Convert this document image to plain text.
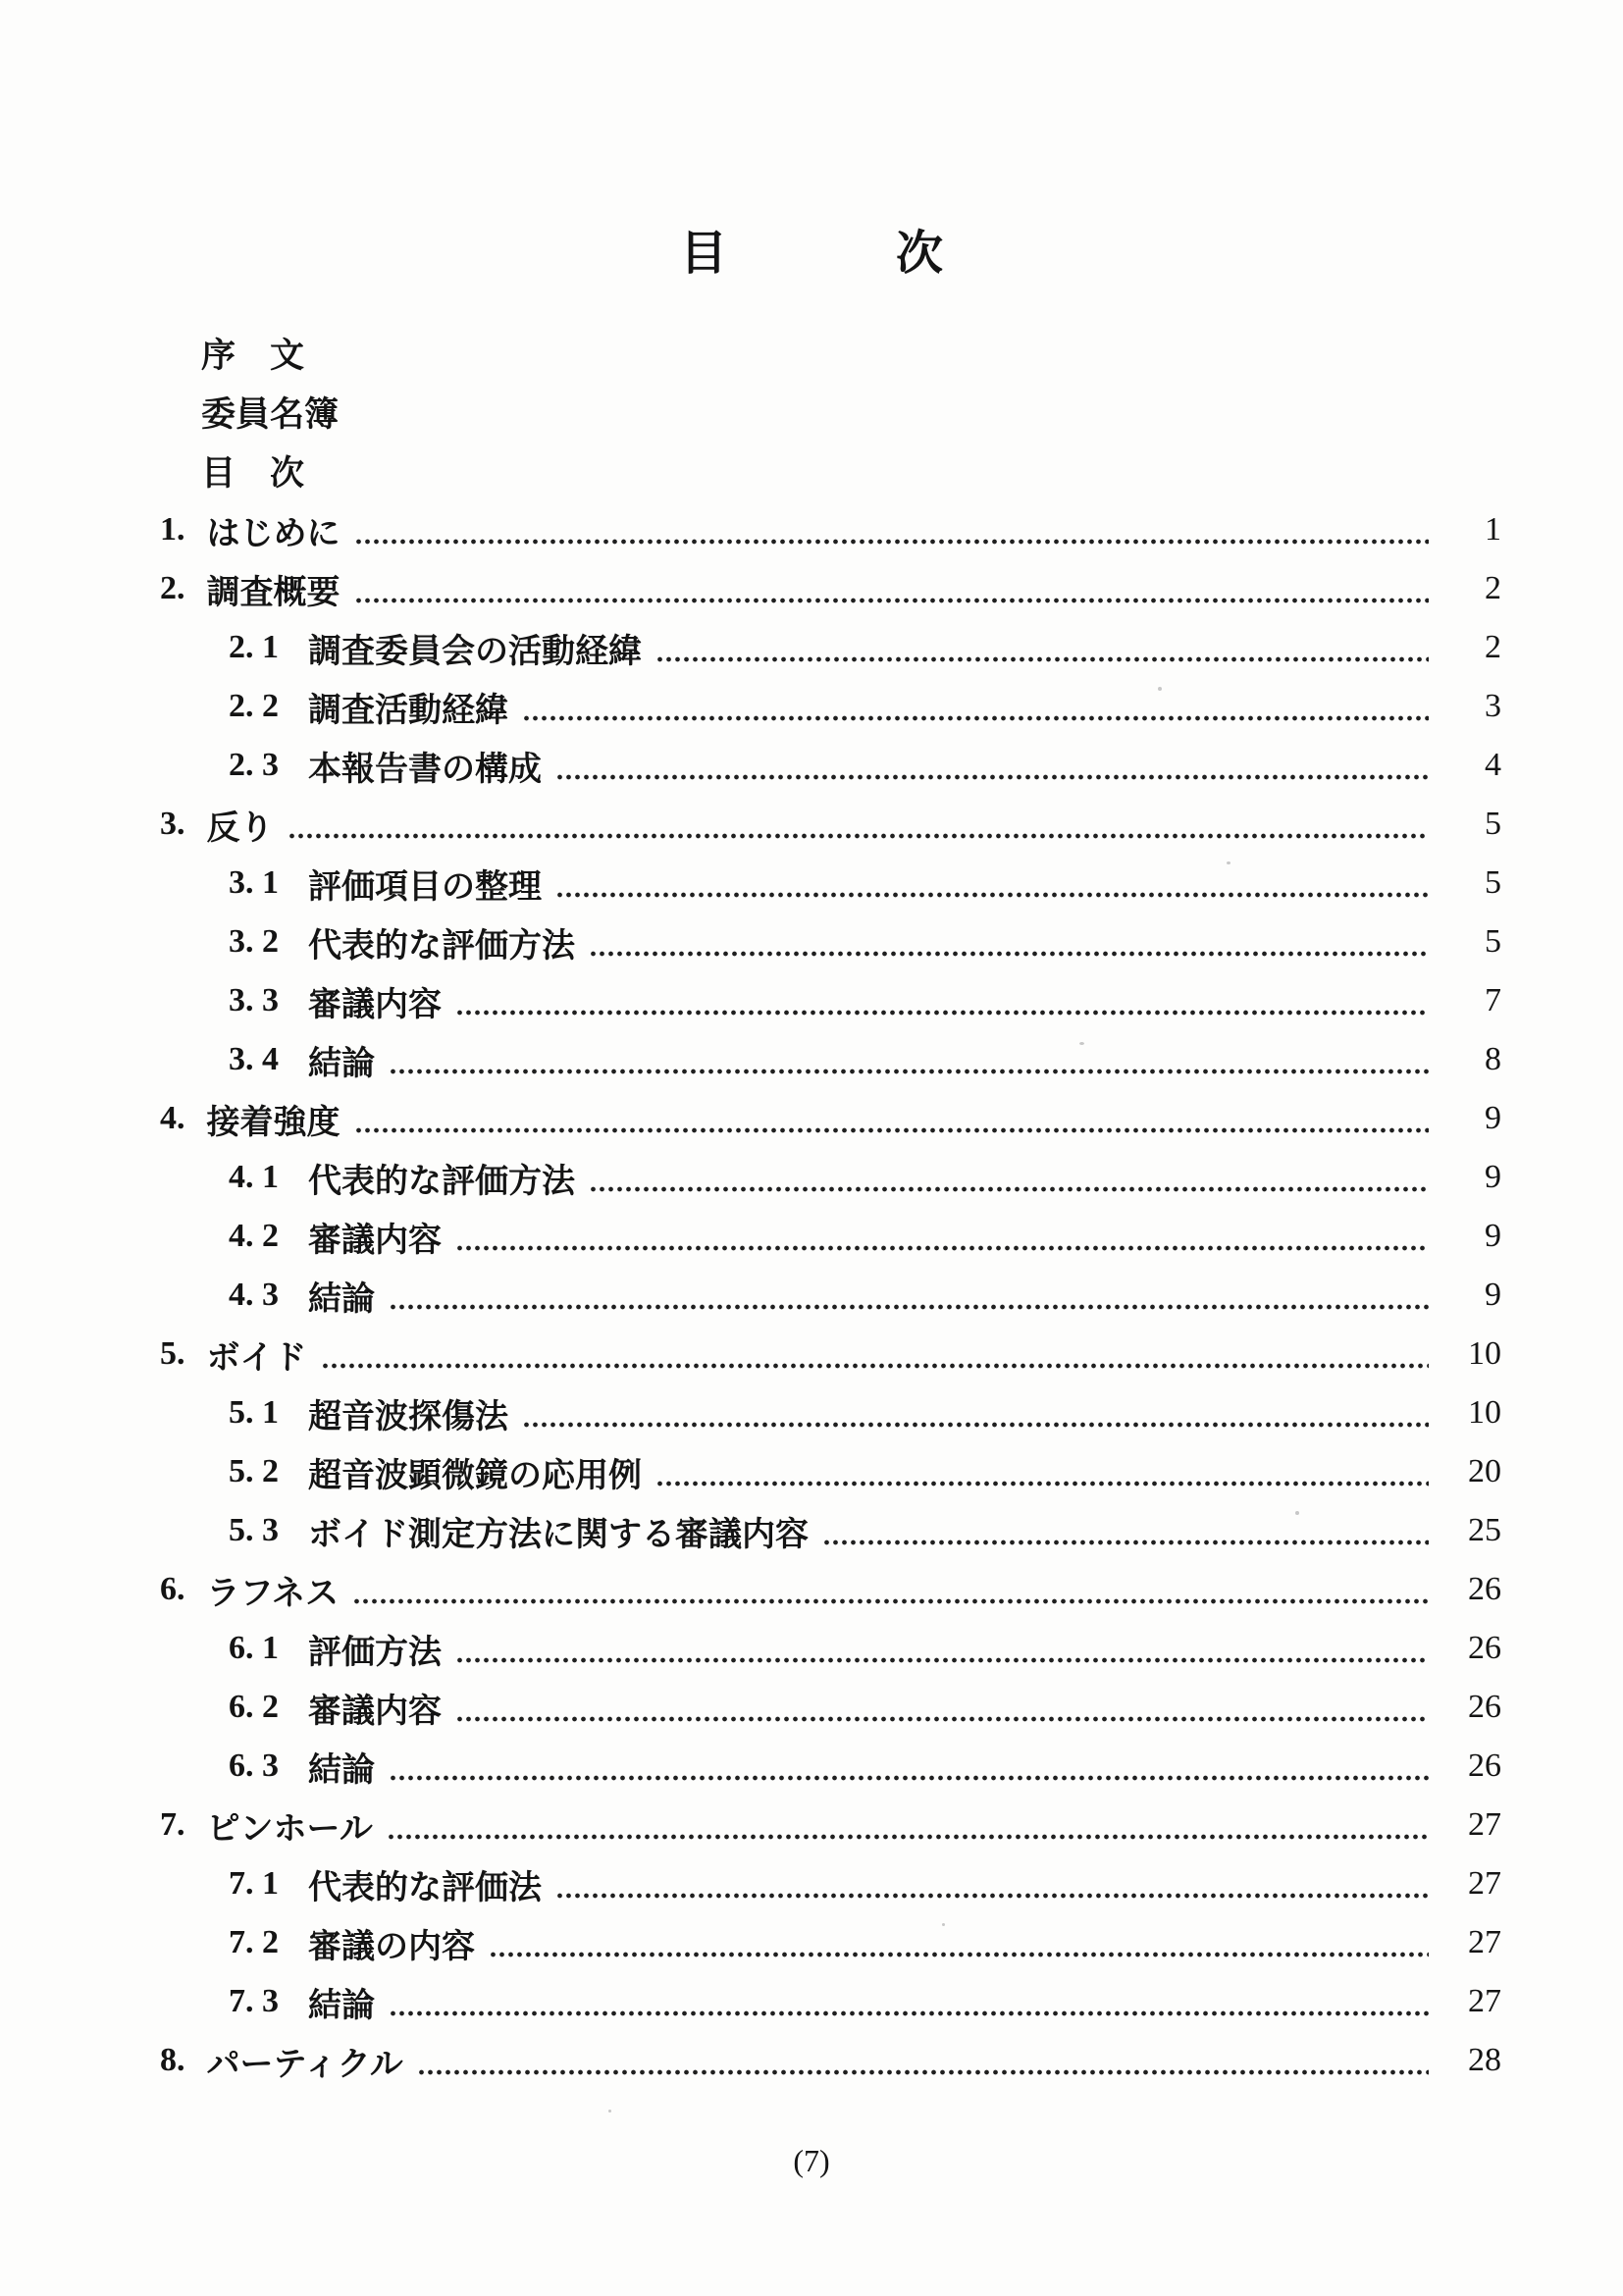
目	次
序　文
委員名簿
目　次
1. はじめに	1
2. 調査概要	2
2. 1 調査委員会の活動経緯	2
2. 2 調査活動経緯	3
2. 3 本報告書の構成	4
3. 反り	5
3. 1 評価項目の整理	5
3. 2 代表的な評価方法	5
3. 3 審議内容	7
3. 4 結論	8
4. 接着強度	9
4. 1 代表的な評価方法	9
4. 2 審議内容	9
4. 3 結論	9
5. ボイド	10
5. 1 超音波探傷法	10
5. 2 超音波顕微鏡の応用例	20
5. 3 ボイド測定方法に関する審議内容	25
6. ラフネス	26
6. 1 評価方法	26
6. 2 審議内容	26
6. 3 結論	26
7. ピンホール	27
7. 1 代表的な評価法	27
7. 2 審議の内容	27
7. 3 結論	27
8. パーティクル	28
(7)
